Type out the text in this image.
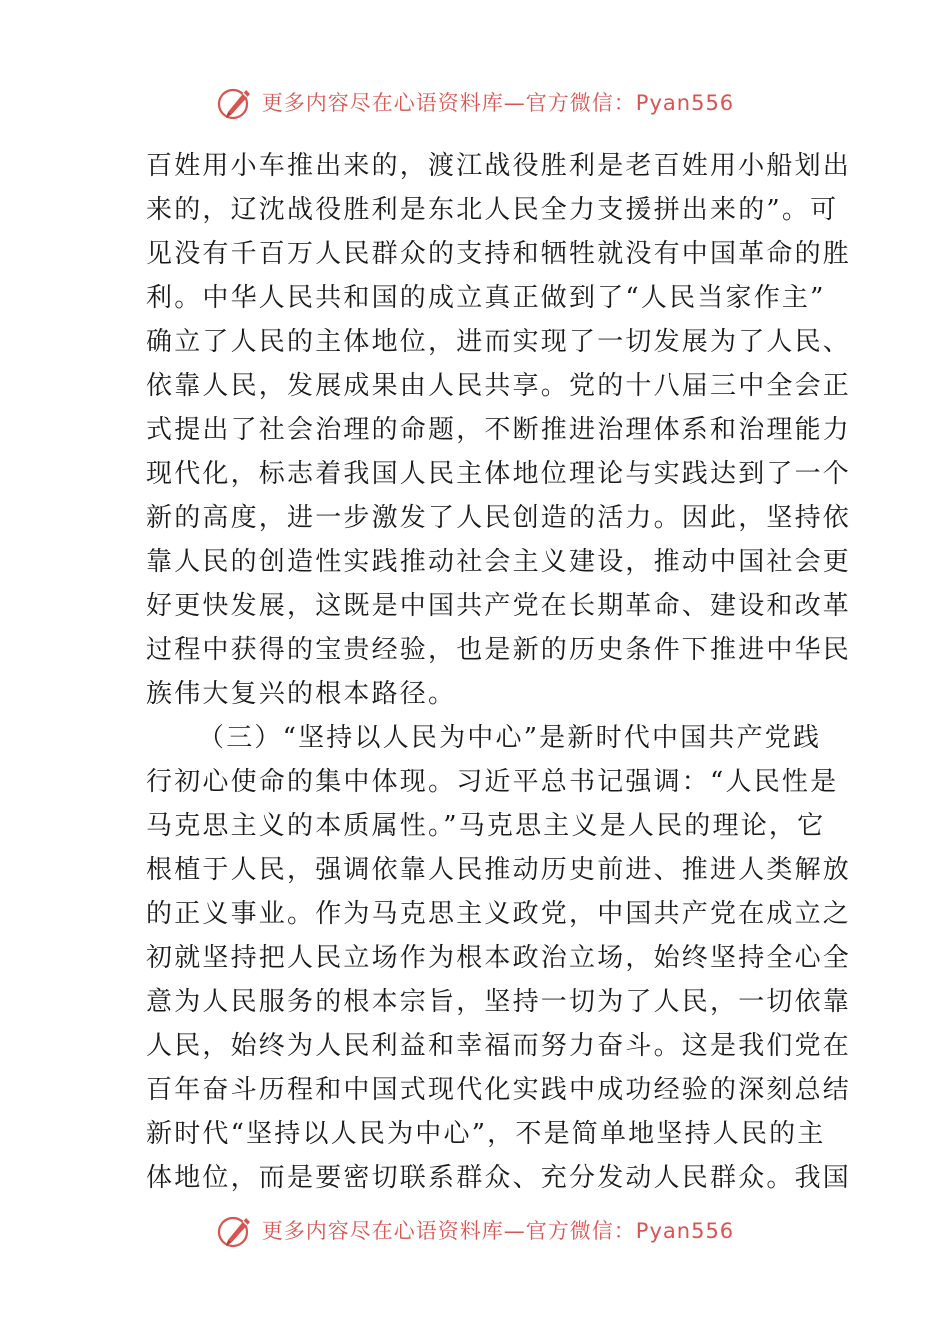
更多内容尽在心语资料库—官方微信：Pyan556
百姓用小车推出来的，渡江战役胜利是老百姓用小船划出
来的，辽沈战役胜利是东北人民全力支援拼出来的”。可
见没有千百万人民群众的支持和牺牲就没有中国革命的胜
利。中华人民共和国的成立真正做到了“人民当家作主”
确立了人民的主体地位，进而实现了一切发展为了人民、
依靠人民，发展成果由人民共享。党的十八届三中全会正
式提出了社会治理的命题，不断推进治理体系和治理能力
现代化，标志着我国人民主体地位理论与实践达到了一个
新的高度，进一步激发了人民创造的活力。因此，坚持依
靠人民的创造性实践推动社会主义建设，推动中国社会更
好更快发展，这既是中国共产党在长期革命、建设和改革
过程中获得的宝贵经验，也是新的历史条件下推进中华民
族伟大复兴的根本路径。
（三）“坚持以人民为中心”是新时代中国共产党践
行初心使命的集中体现。习近平总书记强调：“人民性是
马克思主义的本质属性。”马克思主义是人民的理论，它
根植于人民，强调依靠人民推动历史前进、推进人类解放
的正义事业。作为马克思主义政党，中国共产党在成立之
初就坚持把人民立场作为根本政治立场，始终坚持全心全
意为人民服务的根本宗旨，坚持一切为了人民，一切依靠
人民，始终为人民利益和幸福而努力奋斗。这是我们党在
百年奋斗历程和中国式现代化实践中成功经验的深刻总结
新时代“坚持以人民为中心”，不是简单地坚持人民的主
体地位，而是要密切联系群众、充分发动人民群众。我国
更多内容尽在心语资料库—官方微信：Pyan556
